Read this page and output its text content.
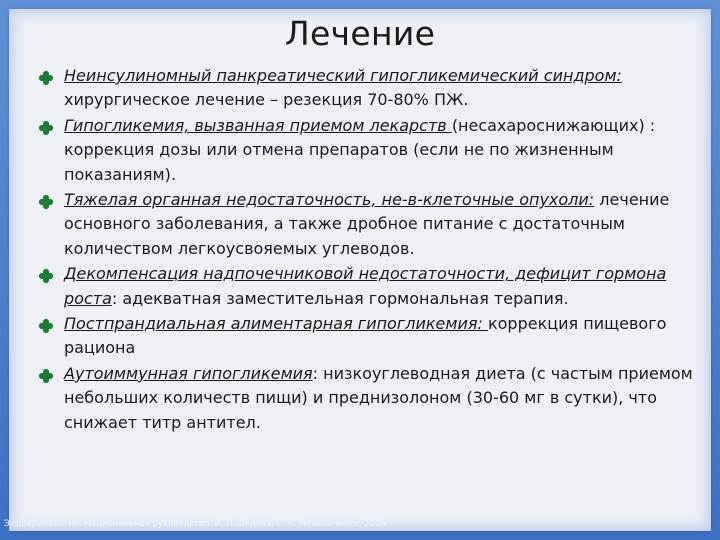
Лечение
Неинсулиномный панкреатический гипогликемический синдром: хирургическое лечение – резекция 70-80% ПЖ.
Гипогликемия, вызванная приемом лекарств (несахароснижающих) : коррекция дозы или отмена препаратов (если не по жизненным показаниям).
Тяжелая органная недостаточность, не-в-клеточные опухоли: лечение основного заболевания, а также дробное питание с достаточным количеством легкоусвояемых углеводов.
Декомпенсация надпочечниковой недостаточности, дефицит гормона роста: адекватная заместительная гормональная терапия.
Постпрандиальная алиментарная гипогликемия: коррекция пищевого рациона
Аутоиммунная гипогликемия: низкоуглеводная диета (с частым приемом небольших количеств пищи) и преднизолоном (30-60 мг в сутки), что снижает титр антител.
Эндокринология. Национальное руководство. И. И. Дедова, Г. А. Мельниченко, 2016.
